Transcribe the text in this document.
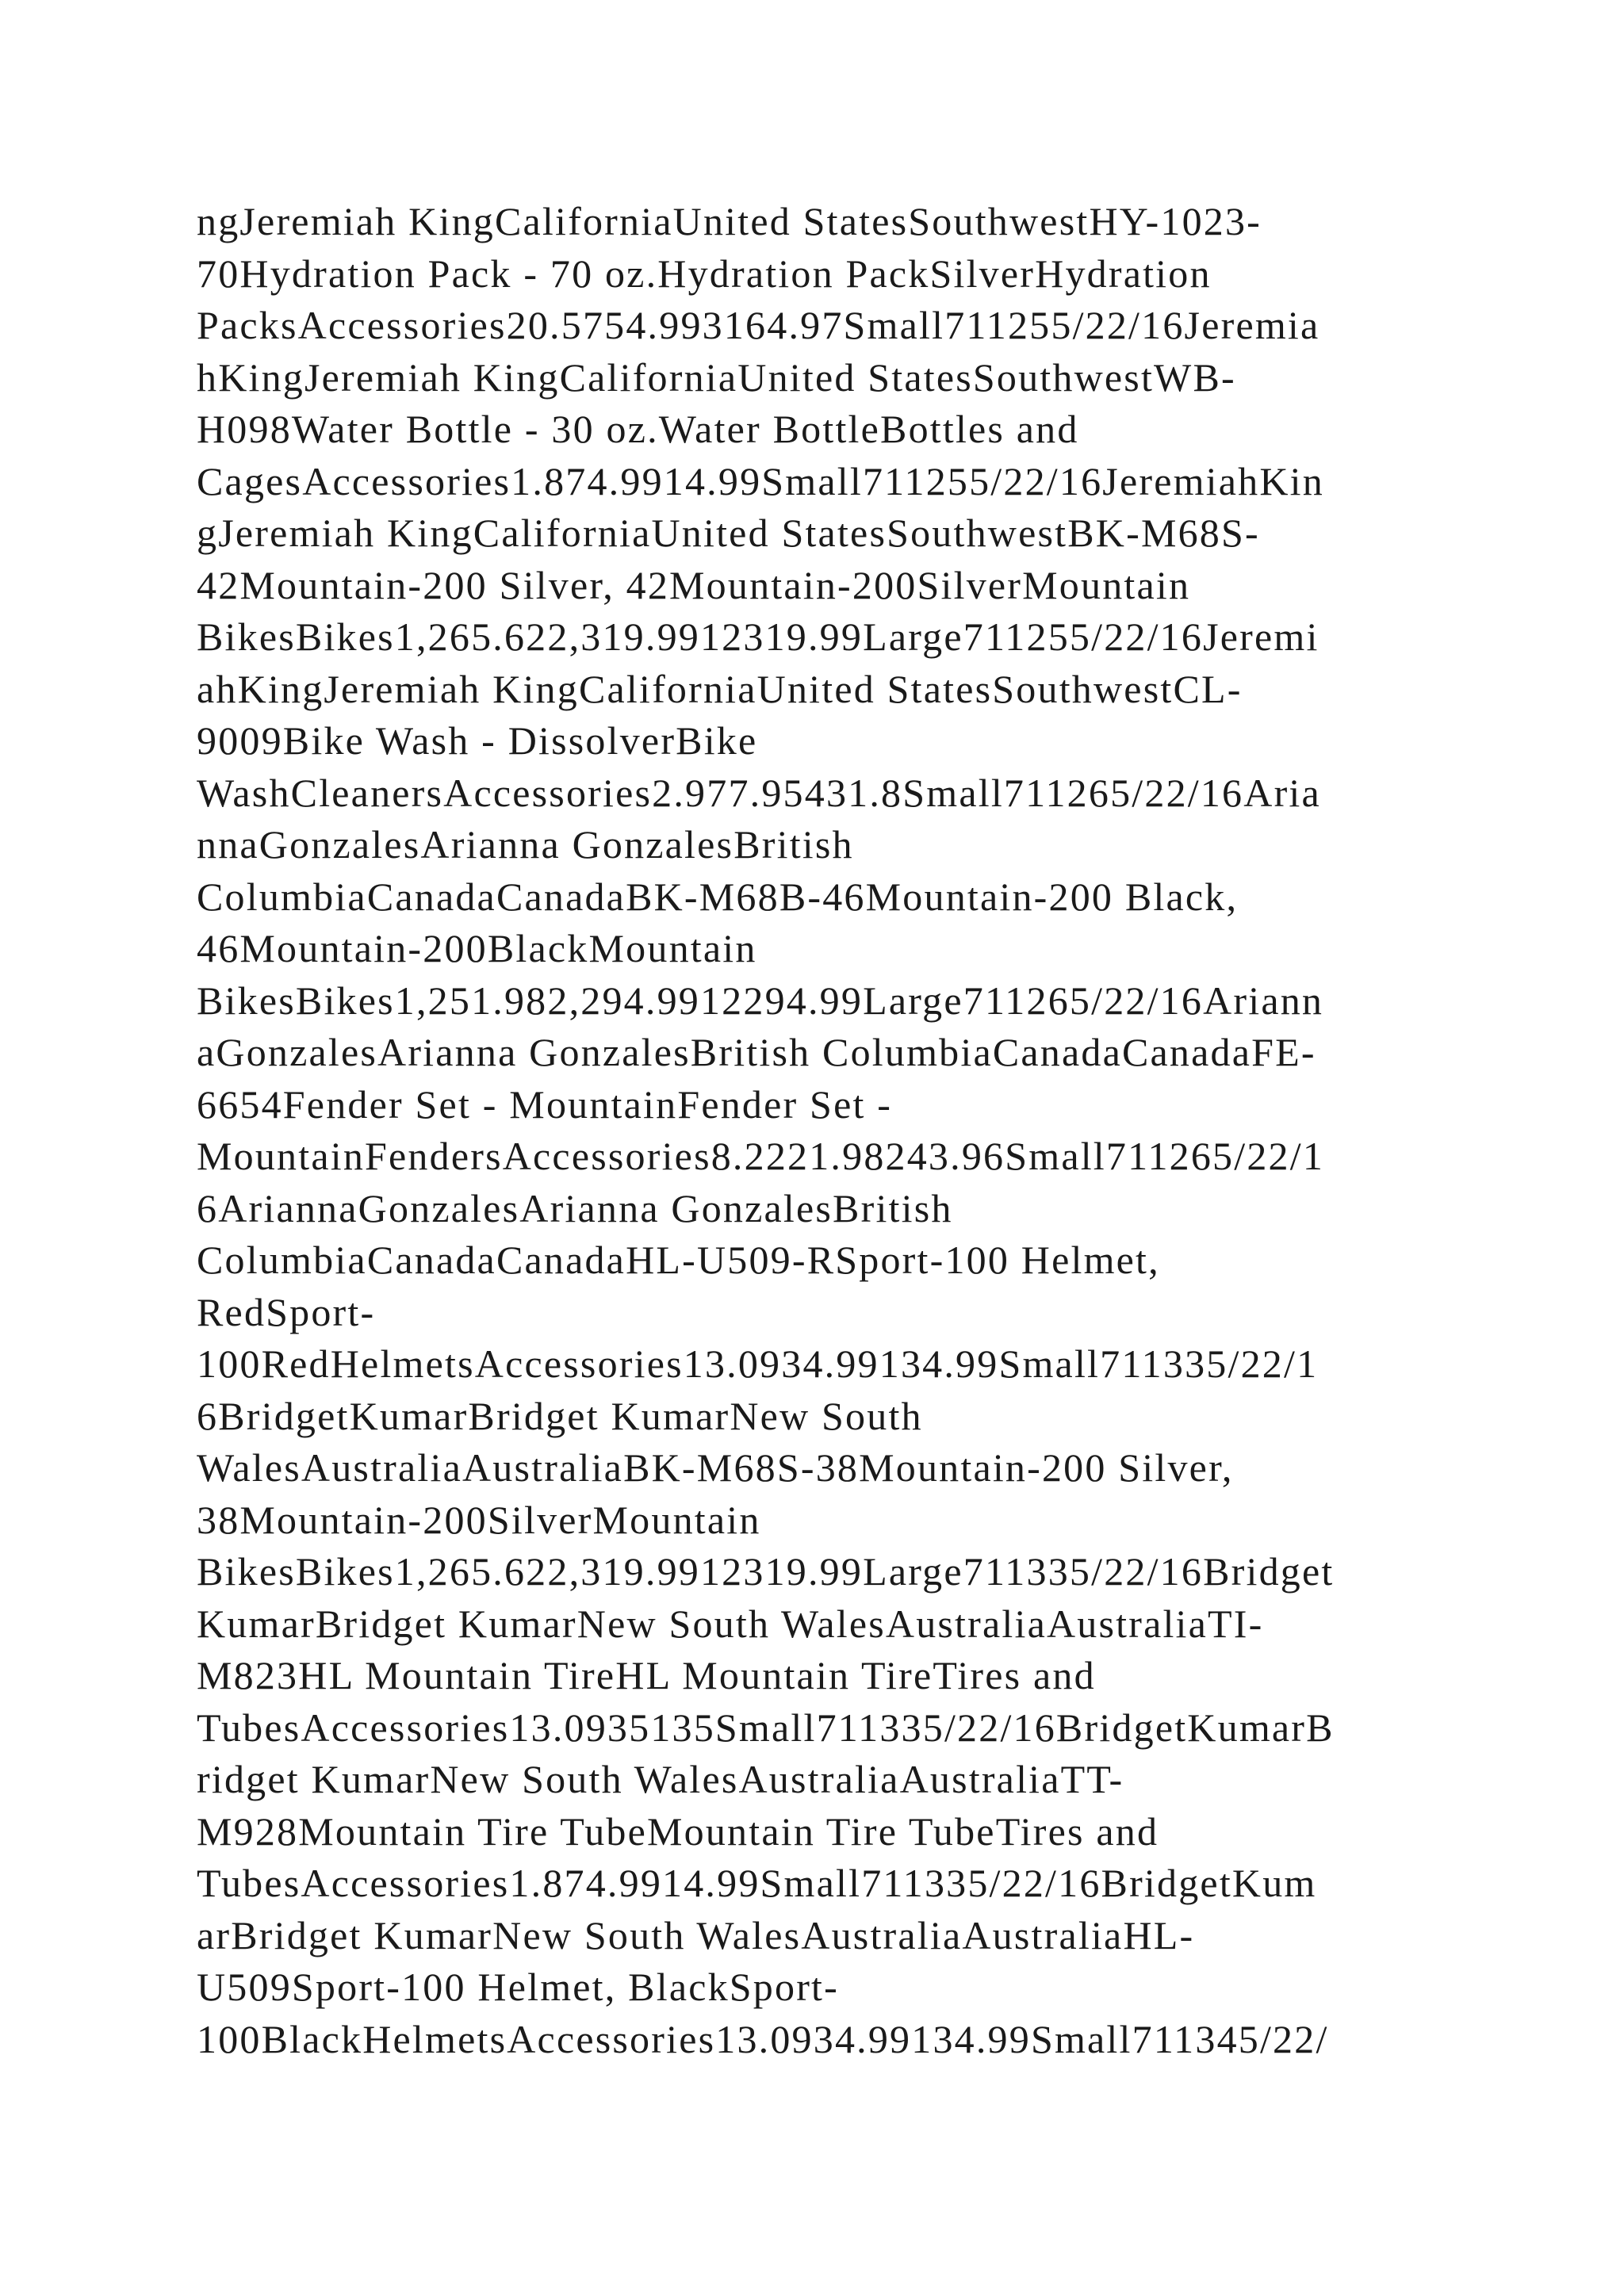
ngJeremiah KingCaliforniaUnited StatesSouthwestHY-1023-
70Hydration Pack - 70 oz.Hydration PackSilverHydration
PacksAccessories20.5754.993164.97Small711255/22/16Jeremia
hKingJeremiah KingCaliforniaUnited StatesSouthwestWB-
H098Water Bottle - 30 oz.Water BottleBottles and
CagesAccessories1.874.9914.99Small711255/22/16JeremiahKin
gJeremiah KingCaliforniaUnited StatesSouthwestBK-M68S-
42Mountain-200 Silver, 42Mountain-200SilverMountain
BikesBikes1,265.622,319.9912319.99Large711255/22/16Jeremi
ahKingJeremiah KingCaliforniaUnited StatesSouthwestCL-
9009Bike Wash - DissolverBike
WashCleanersAccessories2.977.95431.8Small711265/22/16Aria
nnaGonzalesArianna GonzalesBritish
ColumbiaCanadaCanadaBK-M68B-46Mountain-200 Black,
46Mountain-200BlackMountain
BikesBikes1,251.982,294.9912294.99Large711265/22/16Ariann
aGonzalesArianna GonzalesBritish ColumbiaCanadaCanadaFE-
6654Fender Set - MountainFender Set -
MountainFendersAccessories8.2221.98243.96Small711265/22/1
6AriannaGonzalesArianna GonzalesBritish
ColumbiaCanadaCanadaHL-U509-RSport-100 Helmet,
RedSport-
100RedHelmetsAccessories13.0934.99134.99Small711335/22/1
6BridgetKumarBridget KumarNew South
WalesAustraliaAustraliaBK-M68S-38Mountain-200 Silver,
38Mountain-200SilverMountain
BikesBikes1,265.622,319.9912319.99Large711335/22/16Bridget
KumarBridget KumarNew South WalesAustraliaAustraliaTI-
M823HL Mountain TireHL Mountain TireTires and
TubesAccessories13.0935135Small711335/22/16BridgetKumarB
ridget KumarNew South WalesAustraliaAustraliaTT-
M928Mountain Tire TubeMountain Tire TubeTires and
TubesAccessories1.874.9914.99Small711335/22/16BridgetKum
arBridget KumarNew South WalesAustraliaAustraliaHL-
U509Sport-100 Helmet, BlackSport-
100BlackHelmetsAccessories13.0934.99134.99Small711345/22/
